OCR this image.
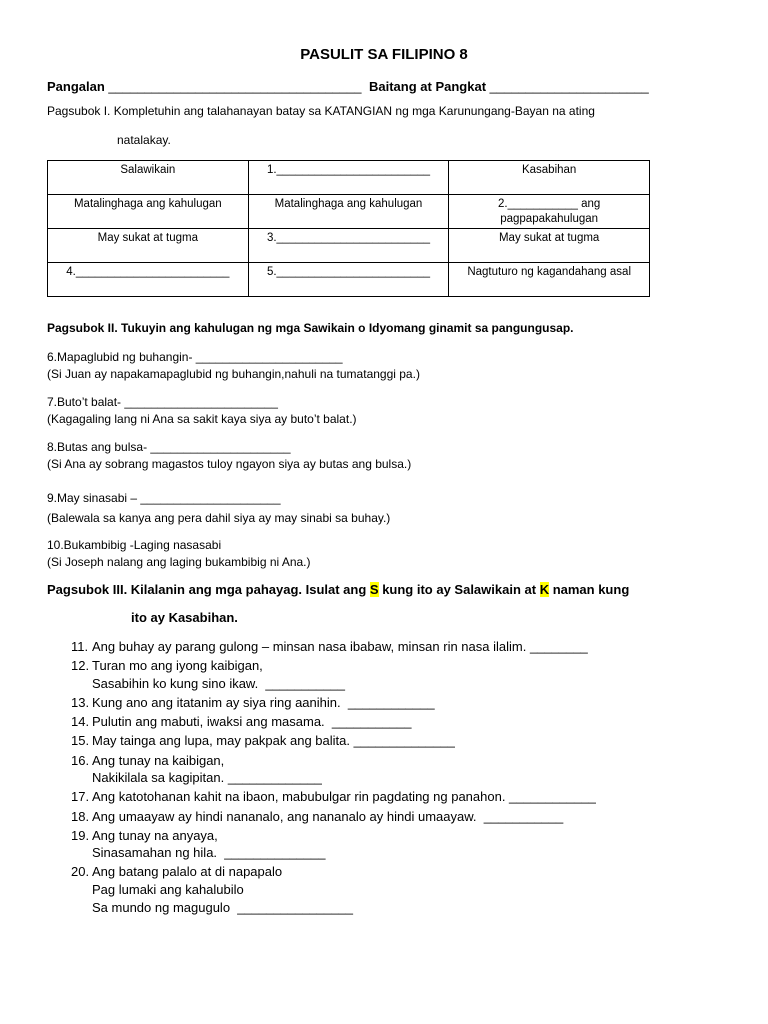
PASULIT SA FILIPINO 8
Pangalan ___________________________________ Baitang at Pangkat ______________________
Pagsubok I. Kompletuhin ang talahanayan batay sa KATANGIAN ng mga Karunungang-Bayan na ating
natalakay.
Salawikain	1.________________________	Kasabihan
Matalinghaga ang kahulugan	Matalinghaga ang kahulugan	2.___________ ang pagpapakahulugan
May sukat at tugma	3.________________________	May sukat at tugma
4.________________________	5.________________________	Nagtuturo ng kagandahang asal
Pagsubok II. Tukuyin ang kahulugan ng mga Sawikain o Idyomang ginamit sa pangungusap.
6.Mapaglubid ng buhangin- ______________________
(Si Juan ay napakamapaglubid ng buhangin,nahuli na tumatanggi pa.)
7.Buto’t balat- _______________________
(Kagagaling lang ni Ana sa sakit kaya siya ay buto’t balat.)
8.Butas ang bulsa- _____________________
(Si Ana ay sobrang magastos tuloy ngayon siya ay butas ang bulsa.)
9.May sinasabi – _____________________
(Balewala sa kanya ang pera dahil siya ay may sinabi sa buhay.)
10.Bukambibig -Laging nasasabi
(Si Joseph nalang ang laging bukambibig ni Ana.)
Pagsubok III. Kilalanin ang mga pahayag. Isulat ang S kung ito ay Salawikain at K naman kung
ito ay Kasabihan.
11. Ang buhay ay parang gulong – minsan nasa ibabaw, minsan rin nasa ilalim. ________
12. Turan mo ang iyong kaibigan,
Sasabihin ko kung sino ikaw.  ___________
13. Kung ano ang itatanim ay siya ring aanihin.  ____________
14. Pulutin ang mabuti, iwaksi ang masama.  ___________
15. May tainga ang lupa, may pakpak ang balita. ______________
16. Ang tunay na kaibigan,
Nakikilala sa kagipitan. _____________
17. Ang katotohanan kahit na ibaon, mabubulgar rin pagdating ng panahon. ____________
18. Ang umaayaw ay hindi nananalo, ang nananalo ay hindi umaayaw.  ___________
19. Ang tunay na anyaya,
Sinasamahan ng hila.  ______________
20. Ang batang palalo at di napapalo
Pag lumaki ang kahalubilo
Sa mundo ng magugulo  ________________
